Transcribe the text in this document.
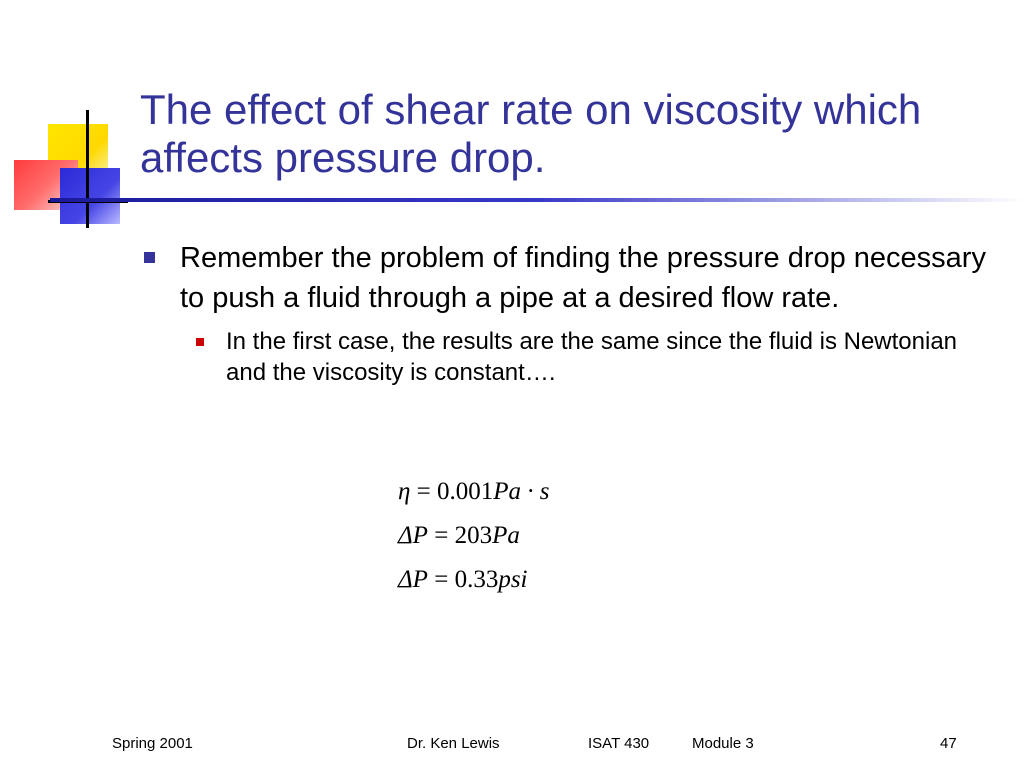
The effect of shear rate on viscosity which
affects pressure drop.
Remember the problem of finding the pressure drop necessary to push a fluid through a pipe at a desired flow rate.
In the first case, the results are the same since the fluid is Newtonian and the viscosity is constant….
η = 0.001Pa · s
ΔP = 203Pa
ΔP = 0.33psi
Spring 2001	Dr. Ken Lewis	ISAT 430	Module 3	47
